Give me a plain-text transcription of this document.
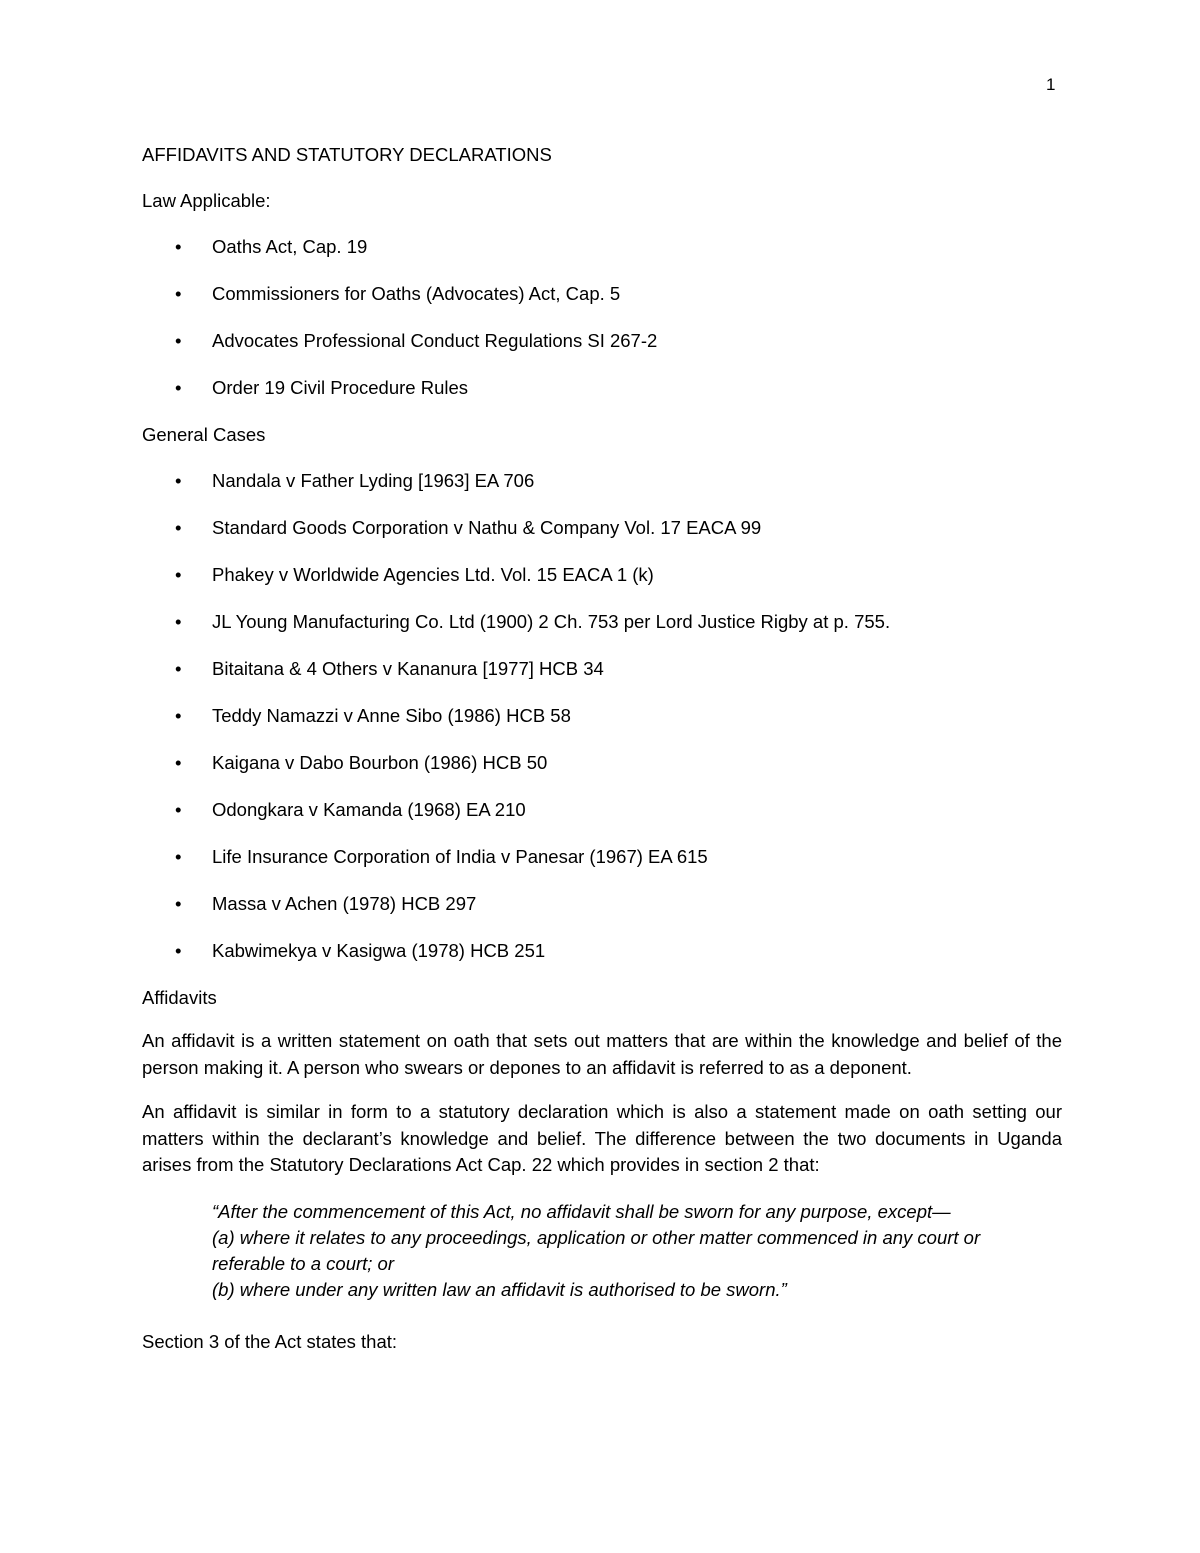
1
AFFIDAVITS AND STATUTORY DECLARATIONS
Law Applicable:
• Oaths Act, Cap. 19
• Commissioners for Oaths (Advocates) Act, Cap. 5
• Advocates Professional Conduct Regulations SI 267-2
• Order 19 Civil Procedure Rules
General Cases
• Nandala v Father Lyding [1963] EA 706
• Standard Goods Corporation v Nathu & Company Vol. 17 EACA 99
• Phakey v Worldwide Agencies Ltd. Vol. 15 EACA 1 (k)
• JL Young Manufacturing Co. Ltd (1900) 2 Ch. 753 per Lord Justice Rigby at p. 755.
• Bitaitana & 4 Others v Kananura [1977] HCB 34
• Teddy Namazzi v Anne Sibo (1986) HCB 58
• Kaigana v Dabo Bourbon (1986) HCB 50
• Odongkara v Kamanda (1968) EA 210
• Life Insurance Corporation of India v Panesar (1967) EA 615
• Massa v Achen (1978) HCB 297
• Kabwimekya v Kasigwa (1978) HCB 251
Affidavits

An affidavit is a written statement on oath that sets out matters that are within the knowledge and belief of the person making it. A person who swears or depones to an affidavit is referred to as a deponent.

An affidavit is similar in form to a statutory declaration which is also a statement made on oath setting our matters within the declarant’s knowledge and belief. The difference between the two documents in Uganda arises from the Statutory Declarations Act Cap. 22 which provides in section 2 that:

“After the commencement of this Act, no affidavit shall be sworn for any purpose, except—
(a) where it relates to any proceedings, application or other matter commenced in any court or
referable to a court; or
(b) where under any written law an affidavit is authorised to be sworn.”

Section 3 of the Act states that:
